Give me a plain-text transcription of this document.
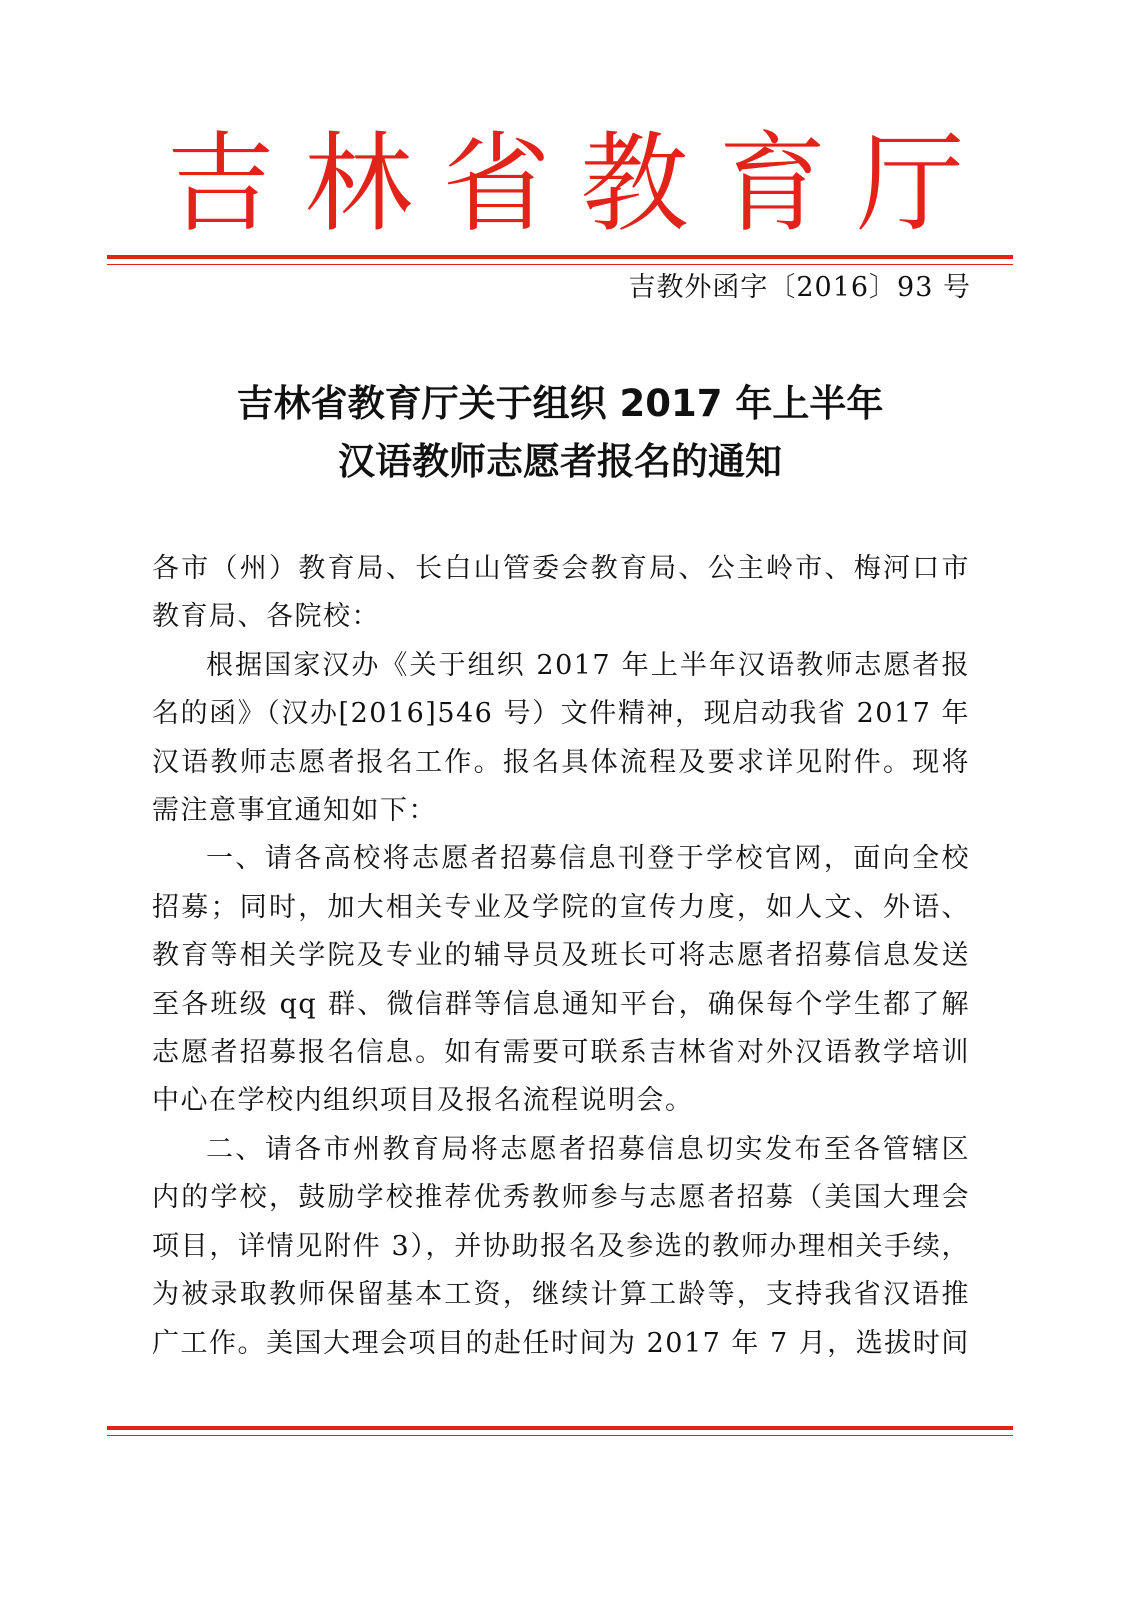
吉林省教育厅
吉教外函字〔2016〕93 号
吉林省教育厅关于组织 2017 年上半年
汉语教师志愿者报名的通知

各市（州）教育局、长白山管委会教育局、公主岭市、梅河口市教育局、各院校：

根据国家汉办《关于组织 2017 年上半年汉语教师志愿者报名的函》（汉办[2016]546 号）文件精神，现启动我省 2017 年汉语教师志愿者报名工作。报名具体流程及要求详见附件。现将需注意事宜通知如下：

一、请各高校将志愿者招募信息刊登于学校官网，面向全校招募；同时，加大相关专业及学院的宣传力度，如人文、外语、教育等相关学院及专业的辅导员及班长可将志愿者招募信息发送至各班级 qq 群、微信群等信息通知平台，确保每个学生都了解志愿者招募报名信息。如有需要可联系吉林省对外汉语教学培训中心在学校内组织项目及报名流程说明会。

二、请各市州教育局将志愿者招募信息切实发布至各管辖区内的学校，鼓励学校推荐优秀教师参与志愿者招募（美国大理会项目，详情见附件 3），并协助报名及参选的教师办理相关手续，为被录取教师保留基本工资，继续计算工龄等，支持我省汉语推广工作。美国大理会项目的赴任时间为 2017 年 7 月，选拔时间
